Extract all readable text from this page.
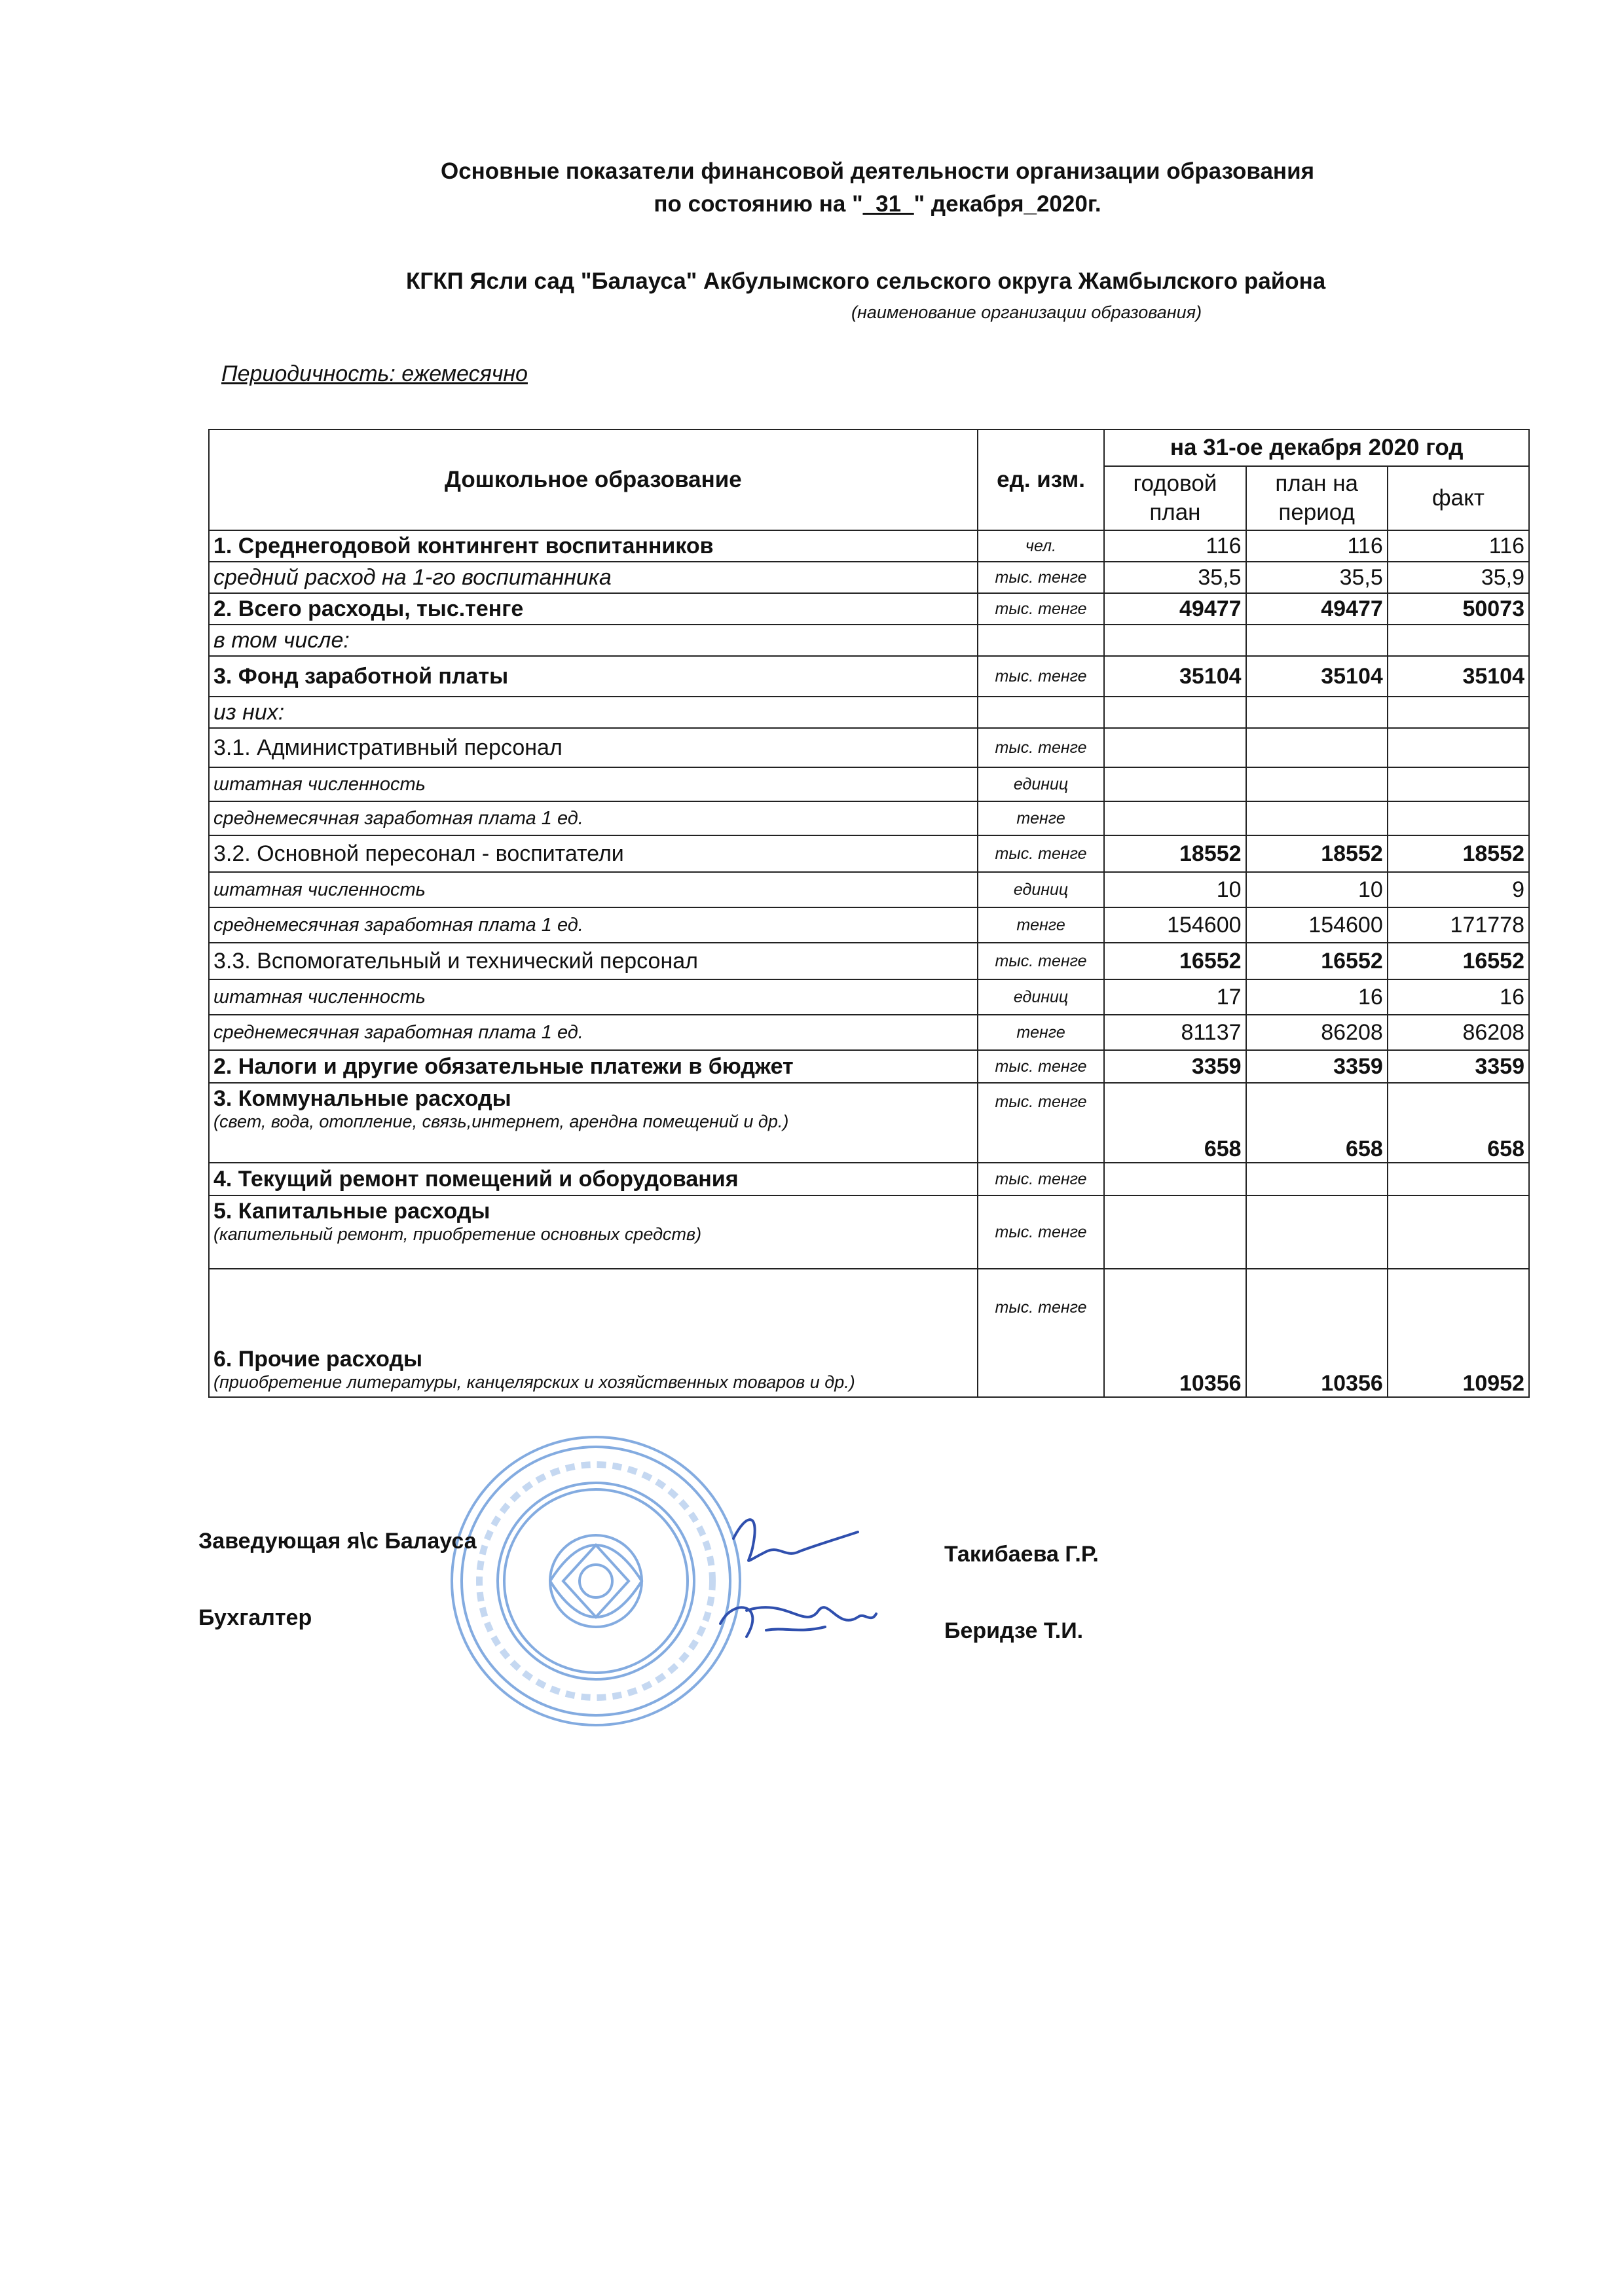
Основные показатели финансовой деятельности организации образования
по состоянию на "_31_" декабря_2020г.
КГКП Ясли сад "Балауса" Акбулымского сельского округа Жамбылского района
(наименование организации образования)
Периодичность: ежемесячно
Дошкольное образование	ед. изм.	на 31-ое декабря 2020 год		
		годовой план	план на период	факт
1. Среднегодовой контингент воспитанников	чел.	116	116	116
средний расход на 1-го воспитанника	тыс. тенге	35,5	35,5	35,9
2. Всего расходы, тыс.тенге	тыс. тенге	49477	49477	50073
в том числе:				
3. Фонд заработной платы	тыс. тенге	35104	35104	35104
из них:				
3.1. Административный персонал	тыс. тенге			
штатная численность	единиц			
среднемесячная заработная плата 1 ед.	тенге			
3.2. Основной пересонал - воспитатели	тыс. тенге	18552	18552	18552
штатная численность	единиц	10	10	9
среднемесячная заработная плата 1 ед.	тенге	154600	154600	171778
3.3. Вспомогательный и технический персонал	тыс. тенге	16552	16552	16552
штатная численность	единиц	17	16	16
среднемесячная заработная плата 1 ед.	тенге	81137	86208	86208
2. Налоги и другие обязательные платежи в бюджет	тыс. тенге	3359	3359	3359
3. Коммунальные расходы
(свет, вода, отопление, связь,интернет, арендна помещений и др.)	тыс. тенге	658	658	658
4. Текущий ремонт помещений и оборудования	тыс. тенге			
5. Капитальные расходы
(капительный ремонт, приобретение основных средств)	тыс. тенге			
6. Прочие расходы
(приобретение литературы, канцелярских и хозяйственных товаров и др.)	тыс. тенге	10356	10356	10952
Заведующая я\с Балауса
Такибаева Г.Р.
Бухгалтер
Беридзе Т.И.
